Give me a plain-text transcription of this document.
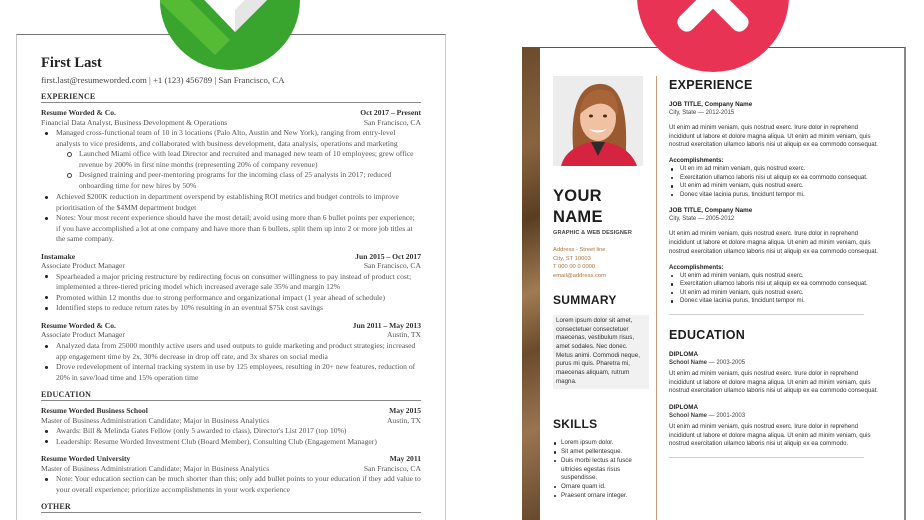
First Last
first.last@resumeworded.com | +1 (123) 456789 | San Francisco, CA
EXPERIENCE
Resume Worded & Co.	Oct 2017 – Present
Financial Data Analyst, Business Development & Operations	San Francisco, CA
Managed cross-functional team of 10 in 3 locations (Palo Alto, Austin and New York), ranging from entry-level analysts to vice presidents, and collaborated with business development, data analysis, operations and marketing
Launched Miami office with lead Director and recruited and managed new team of 10 employees; grew office revenue by 200% in first nine months (representing 20% of company revenue)
Designed training and peer-mentoring programs for the incoming class of 25 analysts in 2017; reduced onboarding time for new hires by 50%
Achieved $200K reduction in department overspend by establishing ROI metrics and budget controls to improve prioritisation of the $4MM department budget
Notes: Your most recent experience should have the most detail; avoid using more than 6 bullet points per experience; if you have accomplished a lot at one company and have more than 6 bullets, split them up into 2 or more job titles at the same company.
Instamake	Jun 2015 – Oct 2017
Associate Product Manager	San Francisco, CA
Spearheaded a major pricing restructure by redirecting focus on consumer willingness to pay instead of product cost; implemented a three-tiered pricing model which increased average sale 35% and margin 12%
Promoted within 12 months due to strong performance and organizational impact (1 year ahead of schedule)
Identified steps to reduce return rates by 10% resulting in an eventual $75k cost savings
Resume Worded & Co.	Jun 2011 – May 2013
Associate Product Manager	Austin, TX
Analyzed data from 25000 monthly active users and used outputs to guide marketing and product strategies; increased app engagement time by 2x, 30% decrease in drop off rate, and 3x shares on social media
Drove redevelopment of internal tracking system in use by 125 employees, resulting in 20+ new features, reduction of 20% in save/load time and 15% operation time
EDUCATION
Resume Worded Business School	May 2015
Master of Business Administration Candidate; Major in Business Analytics	Austin, TX
Awards: Bill & Melinda Gates Fellow (only 5 awarded to class), Director's List 2017 (top 10%)
Leadership: Resume Worded Investment Club (Board Member), Consulting Club (Engagement Manager)
Resume Worded University	May 2011
Master of Business Administration Candidate; Major in Business Analytics	San Francisco, CA
Note: Your education section can be much shorter than this; only add bullet points to your education if they add value to your overall experience; prioritize accomplishments in your work experience
OTHER
YOUR
NAME
GRAPHIC & WEB DESIGNER
Address - Street line
City, ST 10003
T 000 00 0 0000
email@address.com
SUMMARY
Lorem ipsum dolor sit amet, consectetuer consectetuer maecenas, vestibulum risus, amet sodales. Nec donec. Metus animi. Commodi neque, purus mi quis. Pharetra mi, maecenas aliquam, rutrum magna.
SKILLS
Lorem ipsum dolor.
Sit amet pellentesque.
Duis morbi lectus at fusce ultricies egestas risus suspendisse.
Ornare quam id.
Praesent ornare integer.
EXPERIENCE
JOB TITLE, Company Name
City, State — 2012-2015
Ut enim ad minim veniam, quis nostrud exerc. Irure dolor in reprehend incididunt ut labore et dolore magna aliqua. Ut enim ad minim veniam, quis nostrud exercitation ullamco laboris nisi ut aliquip ex ea commodo consequat.
Accomplishments:
Ut en im ad minim veniam, quis nostrud exerc.
Exercitation ullamco laboris nisi ut aliquip ex ea commodo consequat.
Ut enim ad minim veniam, quis nostrud exerc.
Donec vitae lacinia purus, tincidunt tempor mi.
JOB TITLE, Company Name
City, State — 2005-2012
Ut enim ad minim veniam, quis nostrud exerc. Irure dolor in reprehend incididunt ut labore et dolore magna aliqua. Ut enim ad minim veniam, quis nostrud exercitation ullamco laboris nisi ut aliquip ex ea commodo consequat.
Accomplishments:
Ut enim ad minim veniam, quis nostrud exerc.
Exercitation ullamco laboris nisi ut aliquip ex ea commodo consequat.
Ut enim ad minim veniam, quis nostrud exerc.
Donec vitae lacinia purus, tincidunt tempor mi.
EDUCATION
DIPLOMA
School Name — 2003-2005
Ut enim ad minim veniam, quis nostrud exerc. Irure dolor in reprehend incididunt ut labore et dolore magna aliqua. Ut enim ad minim veniam, quis nostrud exercitation ullamco laboris nisi ut aliquip ex ea commodo consequat.
DIPLOMA
School Name — 2001-2003
Ut enim ad minim veniam, quis nostrud exerc. Irure dolor in reprehend incididunt ut labore et dolore magna aliqua. Ut enim ad minim veniam, quis nostrud exercitation ullamco laboris nisi ut aliquip ex ea commodo.
